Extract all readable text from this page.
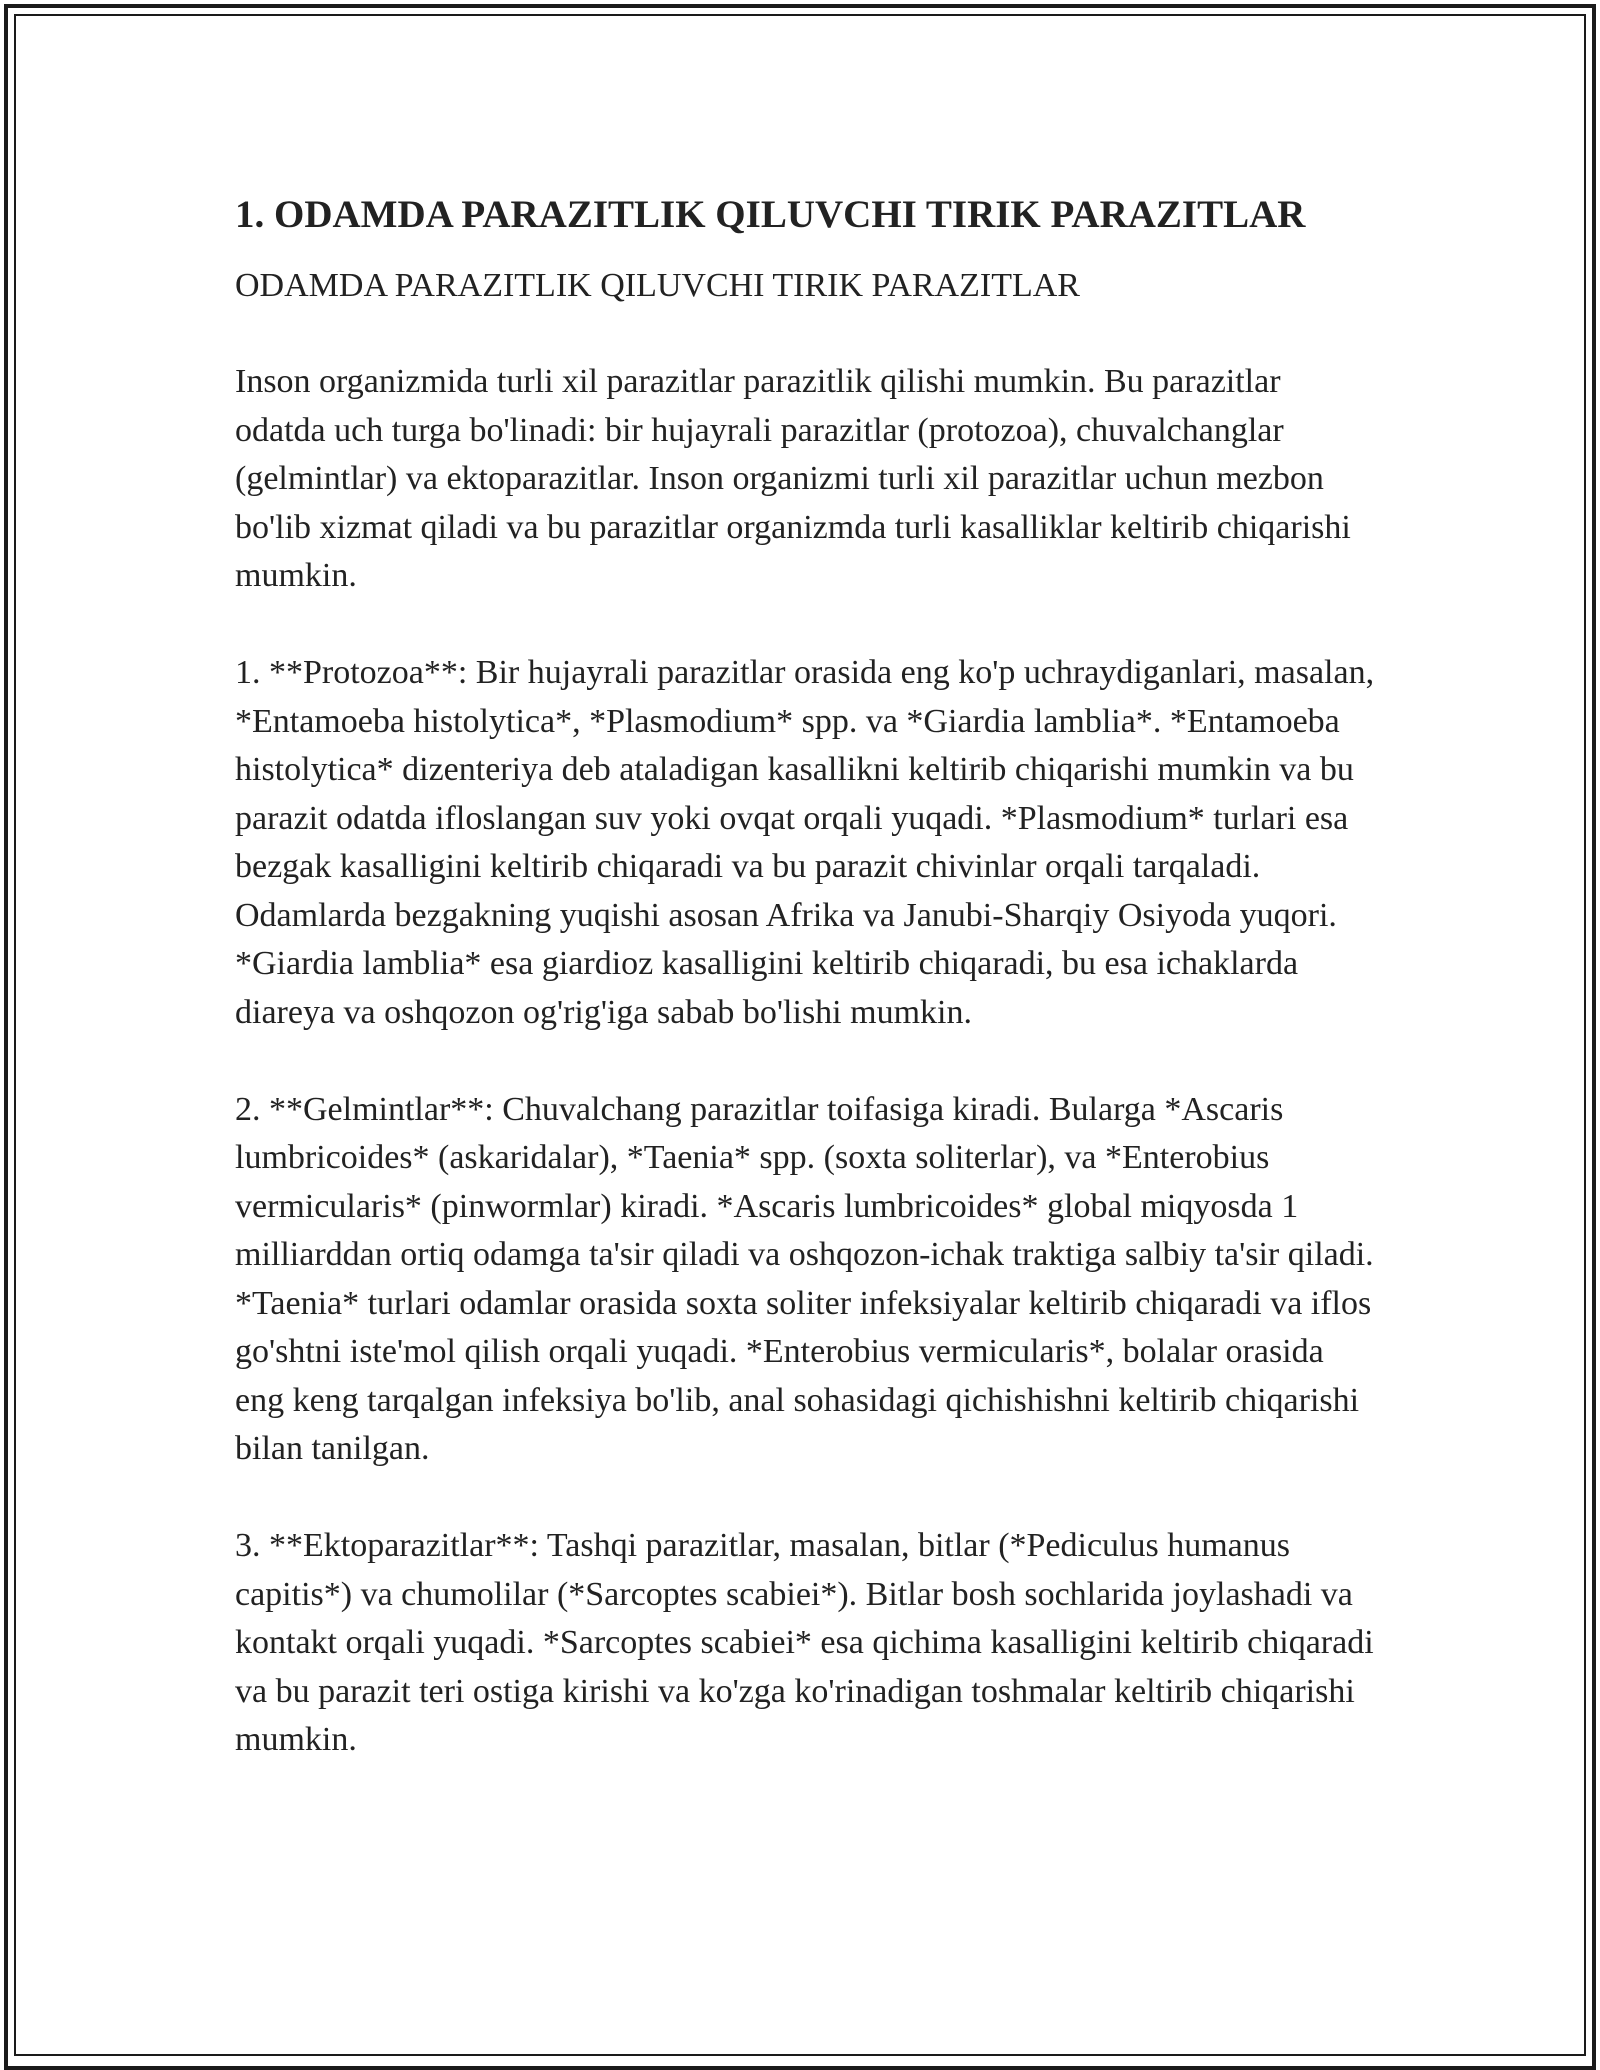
1. ODAMDA PARAZITLIK QILUVCHI TIRIK PARAZITLAR

ODAMDA PARAZITLIK QILUVCHI TIRIK PARAZITLAR

Inson organizmida turli xil parazitlar parazitlik qilishi mumkin. Bu parazitlar odatda uch turga bo'linadi: bir hujayrali parazitlar (protozoa), chuvalchanglar (gelmintlar) va ektoparazitlar. Inson organizmi turli xil parazitlar uchun mezbon bo'lib xizmat qiladi va bu parazitlar organizmda turli kasalliklar keltirib chiqarishi mumkin.

1. **Protozoa**: Bir hujayrali parazitlar orasida eng ko'p uchraydiganlari, masalan, *Entamoeba histolytica*, *Plasmodium* spp. va *Giardia lamblia*. *Entamoeba histolytica* dizenteriya deb ataladigan kasallikni keltirib chiqarishi mumkin va bu parazit odatda ifloslangan suv yoki ovqat orqali yuqadi. *Plasmodium* turlari esa bezgak kasalligini keltirib chiqaradi va bu parazit chivinlar orqali tarqaladi. Odamlarda bezgakning yuqishi asosan Afrika va Janubi-Sharqiy Osiyoda yuqori. *Giardia lamblia* esa giardioz kasalligini keltirib chiqaradi, bu esa ichaklarda diareya va oshqozon og'rig'iga sabab bo'lishi mumkin.

2. **Gelmintlar**: Chuvalchang parazitlar toifasiga kiradi. Bularga *Ascaris lumbricoides* (askaridalar), *Taenia* spp. (soxta soliterlar), va *Enterobius vermicularis* (pinwormlar) kiradi. *Ascaris lumbricoides* global miqyosda 1 milliarddan ortiq odamga ta'sir qiladi va oshqozon-ichak traktiga salbiy ta'sir qiladi. *Taenia* turlari odamlar orasida soxta soliter infeksiyalar keltirib chiqaradi va iflos go'shtni iste'mol qilish orqali yuqadi. *Enterobius vermicularis*, bolalar orasida eng keng tarqalgan infeksiya bo'lib, anal sohasidagi qichishishni keltirib chiqarishi bilan tanilgan.

3. **Ektoparazitlar**: Tashqi parazitlar, masalan, bitlar (*Pediculus humanus capitis*) va chumolilar (*Sarcoptes scabiei*). Bitlar bosh sochlarida joylashadi va kontakt orqali yuqadi. *Sarcoptes scabiei* esa qichima kasalligini keltirib chiqaradi va bu parazit teri ostiga kirishi va ko'zga ko'rinadigan toshmalar keltirib chiqarishi mumkin.
